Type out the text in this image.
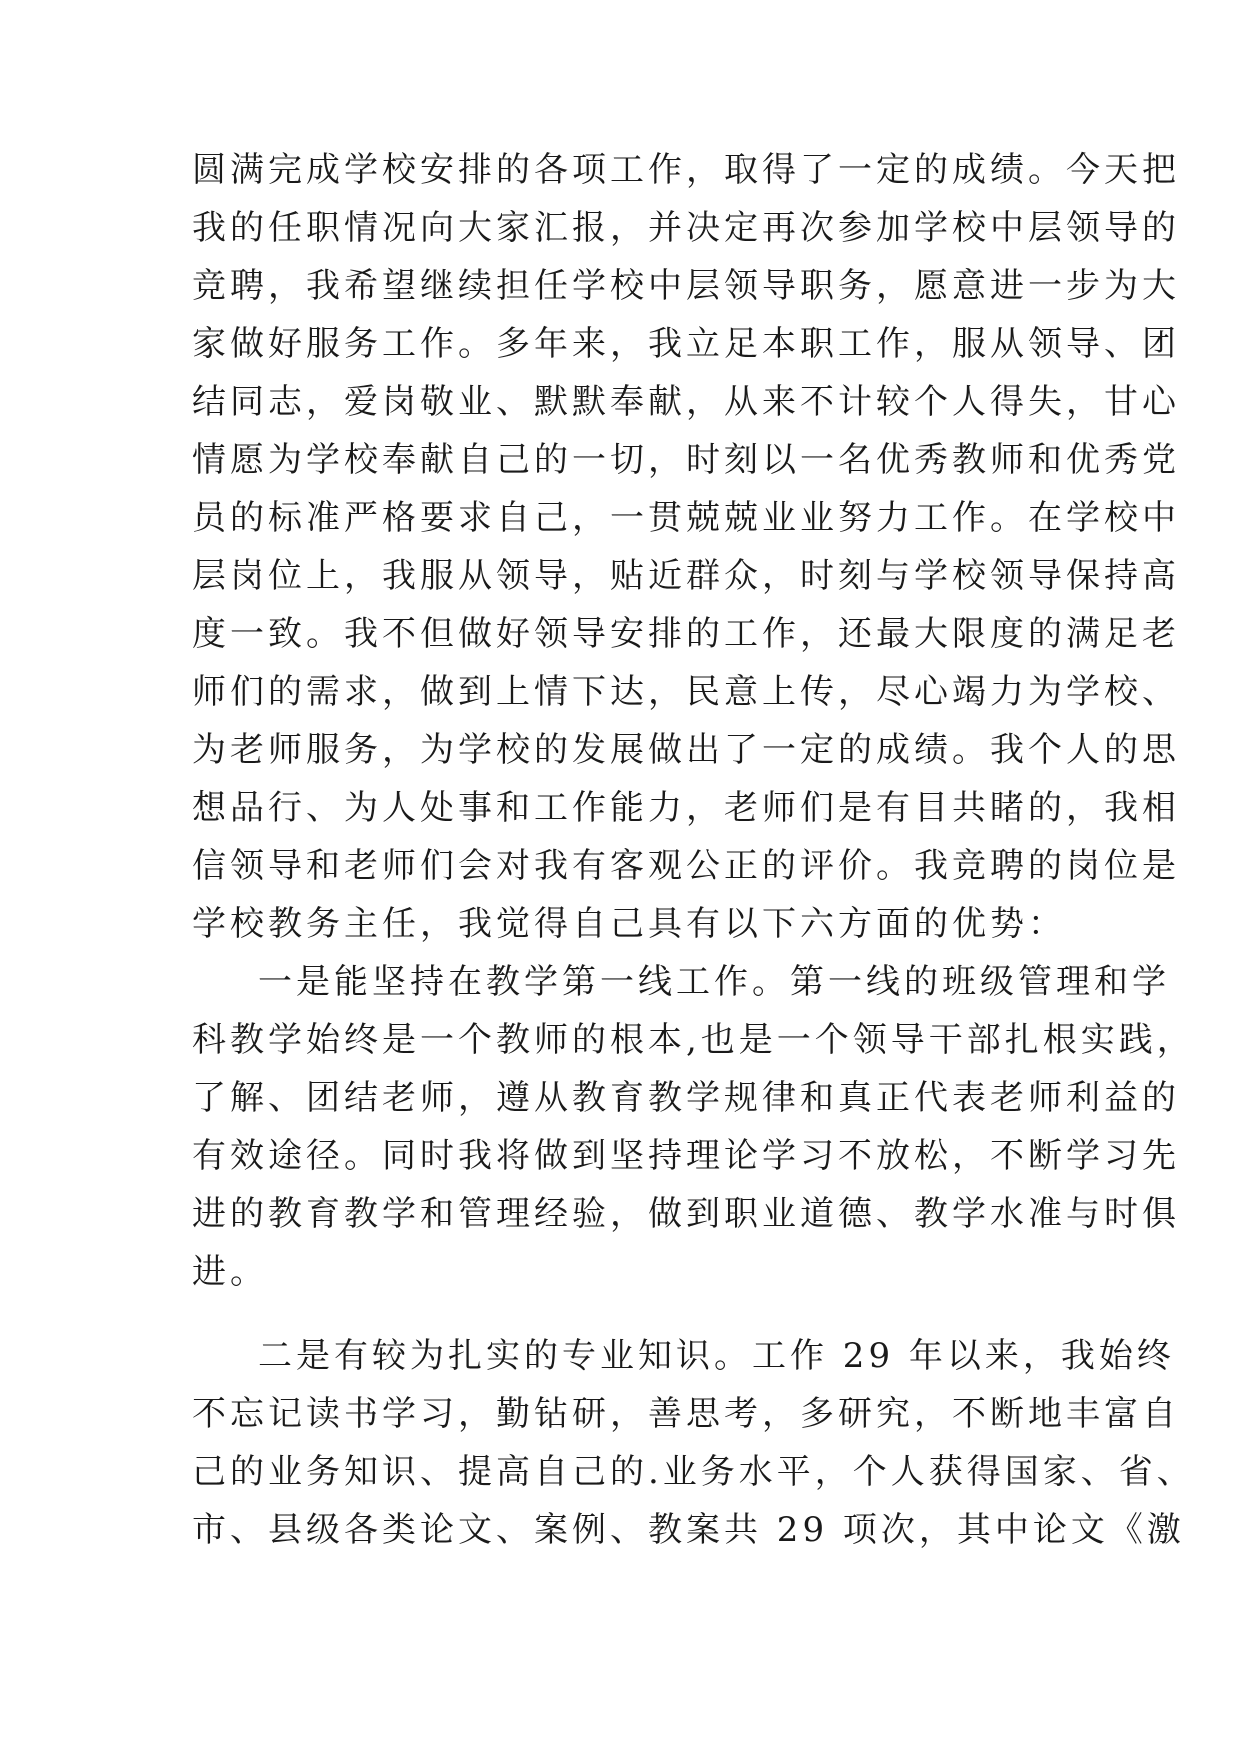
圆满完成学校安排的各项工作，取得了一定的成绩。今天把
我的任职情况向大家汇报，并决定再次参加学校中层领导的
竞聘，我希望继续担任学校中层领导职务，愿意进一步为大
家做好服务工作。多年来，我立足本职工作，服从领导、团
结同志，爱岗敬业、默默奉献，从来不计较个人得失，甘心
情愿为学校奉献自己的一切，时刻以一名优秀教师和优秀党
员的标准严格要求自己，一贯兢兢业业努力工作。在学校中
层岗位上，我服从领导，贴近群众，时刻与学校领导保持高
度一致。我不但做好领导安排的工作，还最大限度的满足老
师们的需求，做到上情下达，民意上传，尽心竭力为学校、
为老师服务，为学校的发展做出了一定的成绩。我个人的思
想品行、为人处事和工作能力，老师们是有目共睹的，我相
信领导和老师们会对我有客观公正的评价。我竞聘的岗位是
学校教务主任，我觉得自己具有以下六方面的优势：
一是能坚持在教学第一线工作。第一线的班级管理和学
科教学始终是一个教师的根本,也是一个领导干部扎根实践，
了解、团结老师，遵从教育教学规律和真正代表老师利益的
有效途径。同时我将做到坚持理论学习不放松，不断学习先
进的教育教学和管理经验，做到职业道德、教学水准与时俱
进。
二是有较为扎实的专业知识。工作 29 年以来，我始终
不忘记读书学习，勤钻研，善思考，多研究，不断地丰富自
己的业务知识、提高自己的.业务水平，个人获得国家、省、
市、县级各类论文、案例、教案共 29 项次，其中论文《激
